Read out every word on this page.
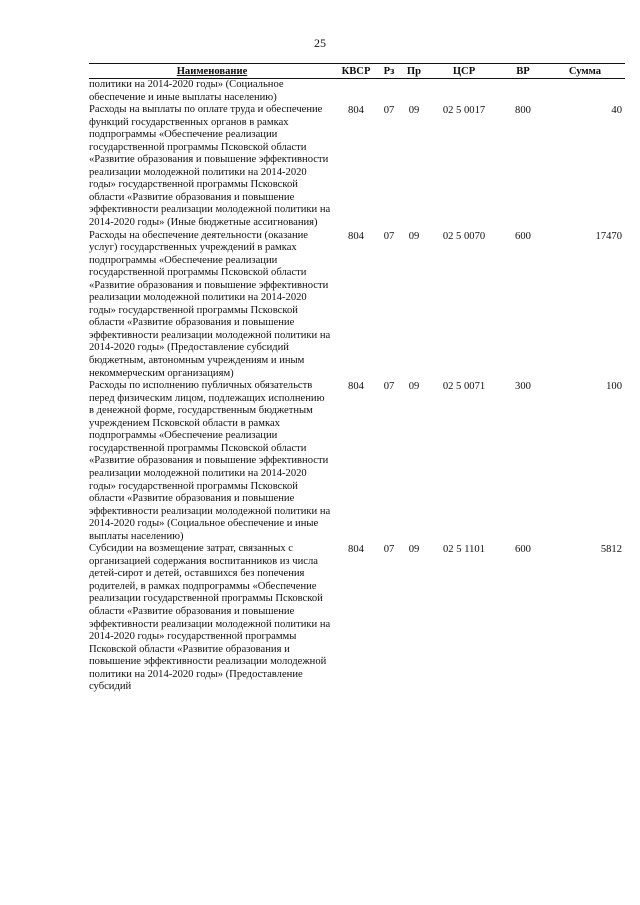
25
Наименование	КВСР	Рз	Пр	ЦСР	ВР	Сумма
политики на 2014-2020 годы» (Социальное обеспечение и иные выплаты населению)						
Расходы на выплаты по оплате труда и обеспечение функций государственных органов в рамках подпрограммы «Обеспечение реализации государственной программы Псковской области «Развитие образования и повышение эффективности реализации молодежной политики на 2014-2020 годы» государственной программы Псковской области «Развитие образования и повышение эффективности реализации молодежной политики на 2014-2020 годы» (Иные бюджетные ассигнования)	804	07	09	02 5 0017	800	40
Расходы на обеспечение деятельности (оказание услуг) государственных учреждений в рамках подпрограммы «Обеспечение реализации государственной программы Псковской области «Развитие образования и повышение эффективности реализации молодежной политики на 2014-2020 годы» государственной программы Псковской области «Развитие образования и повышение эффективности реализации молодежной политики на 2014-2020 годы» (Предоставление субсидий бюджетным, автономным учреждениям и иным некоммерческим организациям)	804	07	09	02 5 0070	600	17470
Расходы по исполнению публичных обязательств перед физическим лицом, подлежащих исполнению в денежной форме, государственным бюджетным учреждением Псковской области в рамках подпрограммы «Обеспечение реализации государственной программы Псковской области «Развитие образования и повышение эффективности реализации молодежной политики на 2014-2020 годы» государственной программы Псковской области «Развитие образования и повышение эффективности реализации молодежной политики на 2014-2020 годы» (Социальное обеспечение и иные выплаты населению)	804	07	09	02 5 0071	300	100
Субсидии на возмещение затрат, связанных с организацией содержания воспитанников из числа детей-сирот и детей, оставшихся без попечения родителей, в рамках подпрограммы «Обеспечение реализации государственной программы Псковской области «Развитие образования и повышение эффективности реализации молодежной политики на 2014-2020 годы» государственной программы Псковской области «Развитие образования и повышение эффективности реализации молодежной политики на 2014-2020 годы» (Предоставление субсидий	804	07	09	02 5 1101	600	5812
